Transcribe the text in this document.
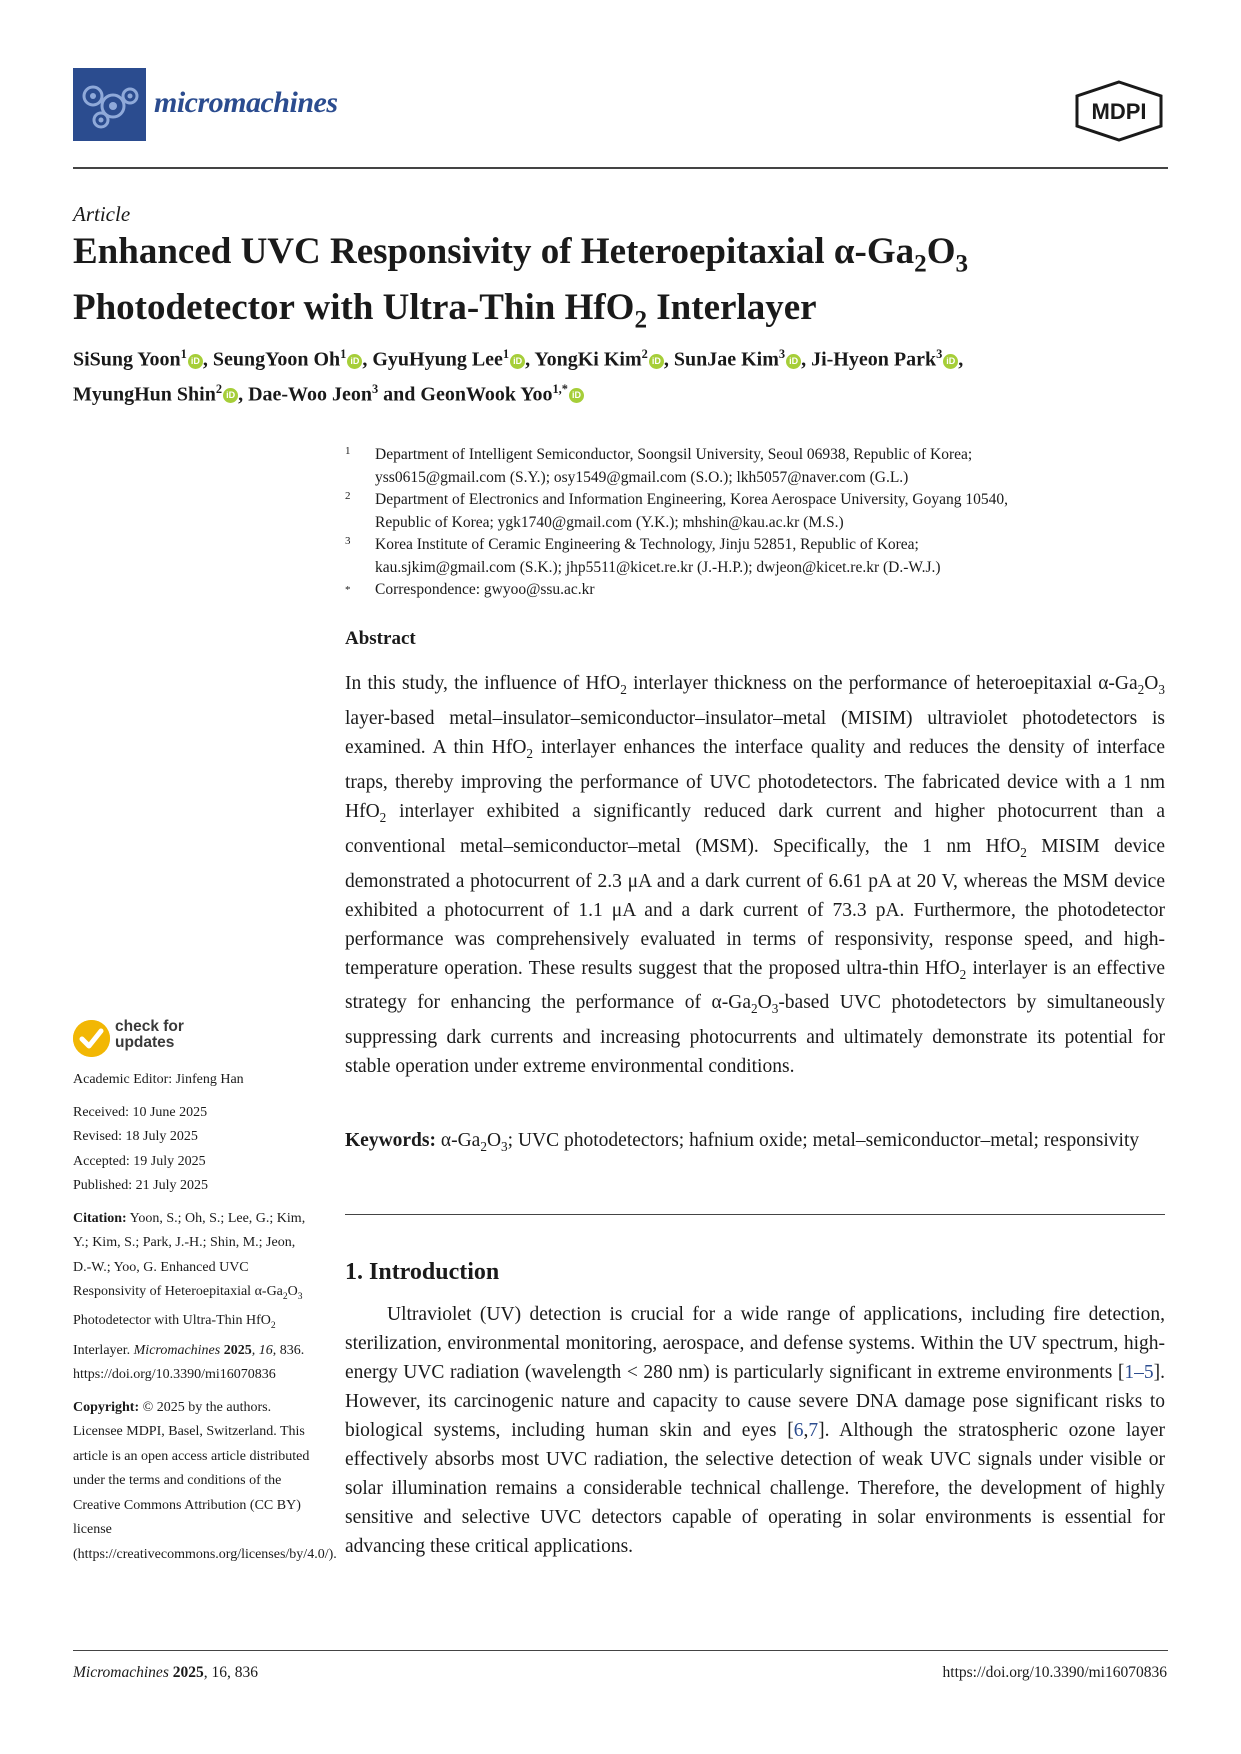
micromachines	MDPI
Article
Enhanced UVC Responsivity of Heteroepitaxial $\alpha-Ga_2O_3$
Photodetector with Ultra-Thin HfO$_2$ Interlayer
SiSung Yoon$^1$ iD , SeungYoon Oh$^1$ iD , GyuHyung Lee$^1$ iD , YongKi Kim$^2$ iD , SunJae Kim$^3$ iD , Ji-Hyeon Park$^3$ iD ,
MyungHun Shin$^2$ iD , Dae-Woo Jeon$^3$ and GeonWook Yoo$^{1,*}$ iD
1 Department of Intelligent Semiconductor, Soongsil University, Seoul 06938, Republic of Korea;
yss0615@gmail.com (S.Y.); osy1549@gmail.com (S.O.); lkh5057@naver.com (G.L.)
2 Department of Electronics and Information Engineering, Korea Aerospace University, Goyang 10540,
Republic of Korea; ygk1740@gmail.com (Y.K.); mhshin@kau.ac.kr (M.S.)
3 Korea Institute of Ceramic Engineering & Technology, Jinju 52851, Republic of Korea;
kau.sjkim@gmail.com (S.K.); jhp5511@kicet.re.kr (J.-H.P.); dwjeon@kicet.re.kr (D.-W.J.)
* Correspondence: gwyoo@ssu.ac.kr
Abstract

In this study, the influence of HfO$_2$ interlayer thickness on the performance of heteroepitaxial $\alpha-Ga_2O_3$ layer-based metal–insulator–semiconductor–insulator–metal (MISIM) ultraviolet photodetectors is examined. A thin HfO$_2$ interlayer enhances the interface quality and reduces the density of interface traps, thereby improving the performance of UVC photodetectors. The fabricated device with a 1 nm HfO$_2$ interlayer exhibited a significantly reduced dark current and higher photocurrent than a conventional metal–semiconductor–metal (MSM). Specifically, the 1 nm HfO$_2$ MISIM device demonstrated a photocurrent of 2.3 μA and a dark current of 6.61 pA at 20 V, whereas the MSM device exhibited a photocurrent of 1.1 μA and a dark current of 73.3 pA. Furthermore, the photodetector performance was comprehensively evaluated in terms of responsivity, response speed, and high-temperature operation. These results suggest that the proposed ultra-thin HfO$_2$ interlayer is an effective strategy for enhancing the performance of $\alpha-Ga_2O_3$-based UVC photodetectors by simultaneously suppressing dark currents and increasing photocurrents and ultimately demonstrate its potential for stable operation under extreme environmental conditions.

Keywords: $\alpha-Ga_2O_3$; UVC photodetectors; hafnium oxide; metal–semiconductor–metal; responsivity

1. Introduction

Ultraviolet (UV) detection is crucial for a wide range of applications, including fire detection, sterilization, environmental monitoring, aerospace, and defense systems. Within the UV spectrum, high-energy UVC radiation (wavelength < 280 nm) is particularly significant in extreme environments [1–5]. However, its carcinogenic nature and capacity to cause severe DNA damage pose significant risks to biological systems, including human skin and eyes [6,7]. Although the stratospheric ozone layer effectively absorbs most UVC radiation, the selective detection of weak UVC signals under visible or solar illumination remains a considerable technical challenge. Therefore, the development of highly sensitive and selective UVC detectors capable of operating in solar environments is essential for advancing these critical applications.

check for
updates
Academic Editor: Jinfeng Han
Received: 10 June 2025
Revised: 18 July 2025
Accepted: 19 July 2025
Published: 21 July 2025
Citation: Yoon, S.; Oh, S.; Lee, G.; Kim, Y.; Kim, S.; Park, J.-H.; Shin, M.; Jeon, D.-W.; Yoo, G. Enhanced UVC Responsivity of Heteroepitaxial $\alpha-Ga_2O_3$ Photodetector with Ultra-Thin HfO$_2$ Interlayer. Micromachines 2025, 16, 836. https://doi.org/10.3390/mi16070836
Copyright: © 2025 by the authors. Licensee MDPI, Basel, Switzerland. This article is an open access article distributed under the terms and conditions of the Creative Commons Attribution (CC BY) license (https://creativecommons.org/licenses/by/4.0/).
Micromachines 2025, 16, 836	https://doi.org/10.3390/mi16070836
